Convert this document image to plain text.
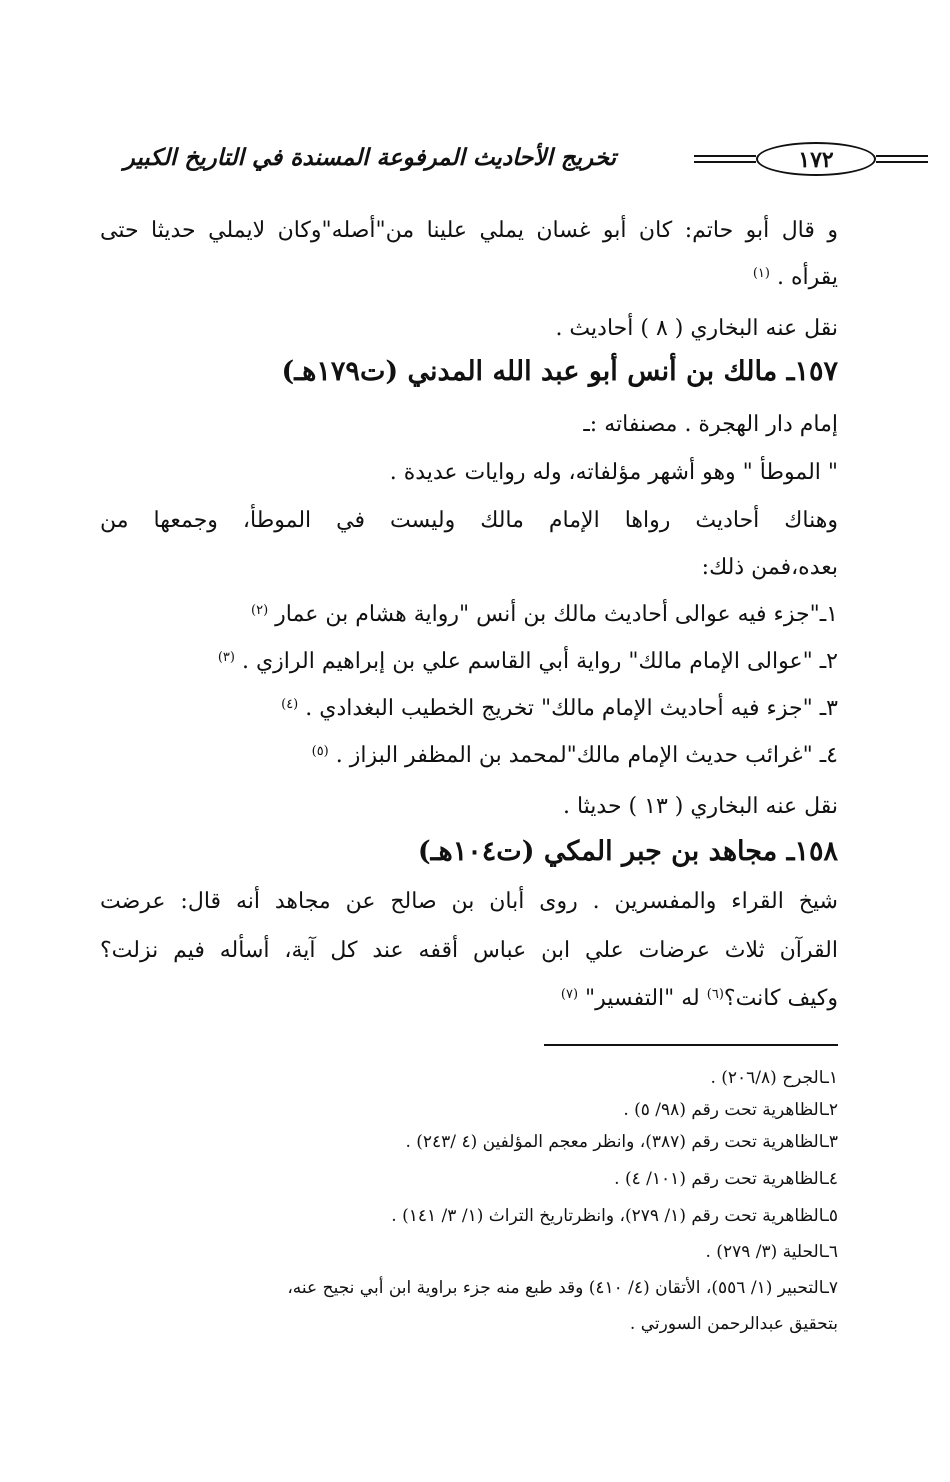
١٧٢
تخريج الأحاديث المرفوعة المسندة في التاريخ الكبير
و قال أبو حاتم: كان أبو غسان يملي علينا من"أصله"وكان لايملي حديثا حتى
يقرأه . $^{(١)}$
نقل عنه البخاري ( ٨ ) أحاديث .
١٥٧ـ مالك بن أنس أبو عبد الله المدني (ت١٧٩هـ)
إمام دار الهجرة . مصنفاته :ـ
" الموطأ " وهو أشهر مؤلفاته، وله روايات عديدة .
وهناك أحاديث رواها الإمام مالك وليست في الموطأ، وجمعها من
بعده،فمن ذلك:
١ـ"جزء فيه عوالى أحاديث مالك بن أنس "رواية هشام بن عمار $^{(٢)}$
٢ـ "عوالى الإمام مالك" رواية أبي القاسم علي بن إبراهيم الرازي . $^{(٣)}$
٣ـ "جزء فيه أحاديث الإمام مالك" تخريج الخطيب البغدادي . $^{(٤)}$
٤ـ "غرائب حديث الإمام مالك"لمحمد بن المظفر البزاز . $^{(٥)}$
نقل عنه البخاري ( ١٣ ) حديثا .
١٥٨ـ مجاهد بن جبر المكي (ت١٠٤هـ)
شيخ القراء والمفسرين . روى أبان بن صالح عن مجاهد أنه قال: عرضت
القرآن ثلاث عرضات علي ابن عباس أقفه عند كل آية، أسأله فيم نزلت؟
وكيف كانت؟$^{(٦)}$ له "التفسير" $^{(٧)}$
١ـالجرح (٢٠٦/٨) .
٢ـالظاهرية تحت رقم (٩٨/ ٥) .
٣ـالظاهرية تحت رقم (٣٨٧)، وانظر معجم المؤلفين (٤ /٢٤٣) .
٤ـالظاهرية تحت رقم (١٠١/ ٤) .
٥ـالظاهرية تحت رقم (١/ ٢٧٩)، وانظرتاريخ التراث (١/ ٣/ ١٤١) .
٦ـالحلية (٣/ ٢٧٩) .
٧ـالتحبير (١/ ٥٥٦)، الأتقان (٤/ ٤١٠) وقد طبع منه جزء براوية ابن أبي نجيح عنه،
بتحقيق عبدالرحمن السورتي .
